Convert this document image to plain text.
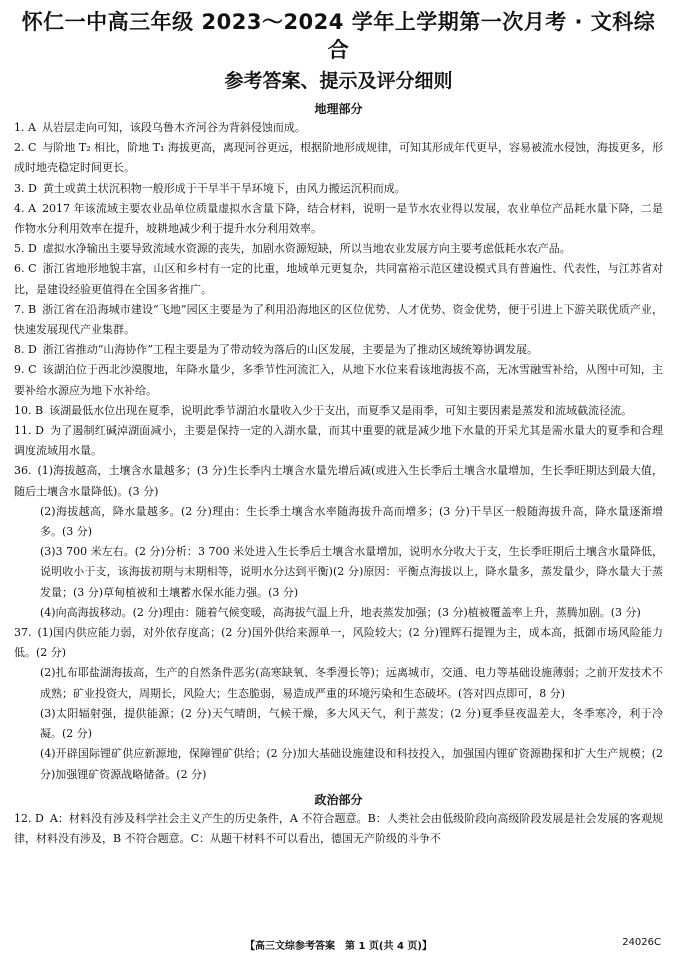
怀仁一中高三年级 2023～2024 学年上学期第一次月考 · 文科综合
参考答案、提示及评分细则
地理部分

1. A 从岩层走向可知，该段乌鲁木齐河谷为背斜侵蚀而成。

2. C 与阶地 T₂ 相比，阶地 T₁ 海拔更高，离现河谷更远，根据阶地形成规律，可知其形成年代更早，容易被流水侵蚀，海拔更多，形成时地壳稳定时间更长。

3. D 黄土或黄土状沉积物一般形成于干旱半干旱环境下，由风力搬运沉积而成。

4. A 2017 年该流域主要农业品单位质量虚拟水含量下降，结合材料，说明一是节水农业得以发展，农业单位产品耗水量下降，二是作物水分利用效率在提升，坡耕地减少利于提升水分利用效率。

5. D 虚拟水净输出主要导致流域水资源的丧失，加剧水资源短缺，所以当地农业发展方向主要考虑低耗水农产品。

6. C 浙江省地形地貌丰富，山区和乡村有一定的比重，地域单元更复杂，共同富裕示范区建设模式具有普遍性、代表性，与江苏省对比，是建设经验更值得在全国多省推广。

7. B 浙江省在沿海城市建设“飞地”园区主要是为了利用沿海地区的区位优势、人才优势、资金优势，便于引进上下游关联优质产业，快速发展现代产业集群。

8. D 浙江省推动“山海协作”工程主要是为了带动较为落后的山区发展，主要是为了推动区域统筹协调发展。

9. C 该湖泊位于西北沙漠腹地，年降水量少，多季节性河流汇入，从地下水位来看该地海拔不高，无冰雪融雪补给，从图中可知，主要补给水源应为地下水补给。

10. B 该湖最低水位出现在夏季，说明此季节湖泊水量收入少于支出，而夏季又是雨季，可知主要因素是蒸发和流域截流径流。

11. D 为了遏制红碱淖湖面减小，主要是保持一定的入湖水量，而其中重要的就是减少地下水量的开采尤其是需水量大的夏季和合理调度流域用水量。

36. (1)海拔越高，土壤含水量越多；(3 分)生长季内土壤含水量先增后减(或进入生长季后土壤含水量增加，生长季旺期达到最大值，随后土壤含水量降低)。(3 分)

(2)海拔越高，降水量越多。(2 分)理由：生长季土壤含水率随海拔升高而增多；(3 分)干旱区一般随海拔升高，降水量逐渐增多。(3 分)

(3)3 700 米左右。(2 分)分析：3 700 米处进入生长季后土壤含水量增加，说明水分收大于支，生长季旺期后土壤含水量降低，说明收小于支，该海拔初期与末期相等，说明水分达到平衡)(2 分)原因：平衡点海拔以上，降水量多，蒸发量少，降水量大于蒸发量；(3 分)草甸植被和土壤蓄水保水能力强。(3 分)

(4)向高海拔移动。(2 分)理由：随着气候变暖，高海拔气温上升，地表蒸发加强；(3 分)植被覆盖率上升，蒸腾加剧。(3 分)

37. (1)国内供应能力弱，对外依存度高；(2 分)国外供给来源单一，风险较大；(2 分)锂辉石提锂为主，成本高，抵御市场风险能力低。(2 分)

(2)扎布耶盐湖海拔高，生产的自然条件恶劣(高寒缺氧、冬季漫长等)；远离城市，交通、电力等基础设施薄弱；之前开发技术不成熟；矿业投资大，周期长，风险大；生态脆弱，易造成严重的环境污染和生态破坏。(答对四点即可，8 分)

(3)太阳辐射强，提供能源；(2 分)天气晴朗，气候干燥，多大风天气，利于蒸发；(2 分)夏季昼夜温差大，冬季寒冷，利于冷凝。(2 分)

(4)开辟国际锂矿供应新源地，保障锂矿供给；(2 分)加大基础设施建设和科技投入，加强国内锂矿资源勘探和扩大生产规模；(2 分)加强锂矿资源战略储备。(2 分)

政治部分

12. D A：材料没有涉及科学社会主义产生的历史条件，A 不符合题意。B：人类社会由低级阶段向高级阶段发展是社会发展的客观规律，材料没有涉及，B 不符合题意。C：从题干材料不可以看出，德国无产阶级的斗争不

【高三文综参考答案　第 1 页(共 4 页)】	24026C
